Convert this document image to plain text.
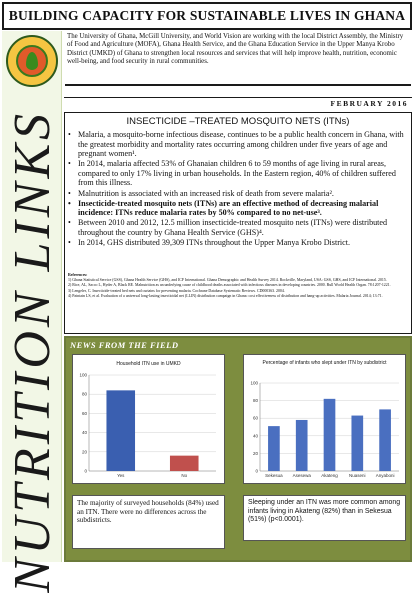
BUILDING CAPACITY FOR SUSTAINABLE LIVES IN GHANA
NUTRITION LINKS
The University of Ghana, McGill University, and World Vision are working with the local District Assembly, the Ministry of Food and Agriculture (MOFA), Ghana Health Service, and the Ghana Education Service in the Upper Manya Krobo District (UMKD) of Ghana to strengthen local resources and services that will help improve health, nutrition, economic well-being, and food security in rural communities.
FEBRUARY 2016
INSECTICIDE –TREATED MOSQUITO NETS (ITNs)
• Malaria, a mosquito-borne infectious disease, continues to be a public health concern in Ghana, with the greatest morbidity and mortality rates occurring among children under five years of age and pregnant women¹.
• In 2014, malaria affected 53% of Ghanaian children 6 to 59 months of age living in rural areas, compared to only 17% living in urban households. In the Eastern region, 40% of children suffered from this illness.
• Malnutrition is associated with an increased risk of death from severe malaria².
• Insecticide-treated mosquito nets (ITNs) are an effective method of decreasing malarial incidence: ITNs reduce malaria rates by 50% compared to no net-use³.
• Between 2010 and 2012, 12.5 million insecticide-treated mosquito nets (ITNs) were distributed throughout the country by Ghana Health Service (GHS)⁴.
• In 2014, GHS distributed 39,309 ITNs throughout the Upper Manya Krobo District.
References:
1) Ghana Statistical Service (GSS), Ghana Health Service (GHS), and ICF International. Ghana Demographic and Health Survey 2014. Rockville, Maryland, USA: GSS, GHS, and ICF International. 2015.
2) Rice, AL, Sacco L, Hyder A, Black RE. Malnutrition as an underlying cause of childhood deaths associated with infectious diseases in developing countries. 2000. Bull World Health Organ. 78:1207-1221.
3) Lengeler, C. Insecticide-treated bed nets and curtains for preventing malaria. Cochrane Database Systematic Reviews. CD000363. 2004.
4) Paintain LS, et al. Evaluation of a universal long-lasting insecticidal net (LLIN) distribution campaign in Ghana: cost effectiveness of distribution and hang-up activities. Malaria Journal. 2014; 13:71.
NEWS FROM THE FIELD
Household ITN use in UMKD
0
20
40
60
80
100
Yes	No
Percentage of infants who slept under ITN by subdistrict
0
20
40
60
80
100
Sekesua Asesewa Akateng	Nuaseni Anyaboni
The majority of surveyed households (84%) used an ITN. There were no differences across the subdistricts.
Sleeping under an ITN was more common among infants living in Akateng (82%) than in Sekesua (51%) (p<0.0001).
